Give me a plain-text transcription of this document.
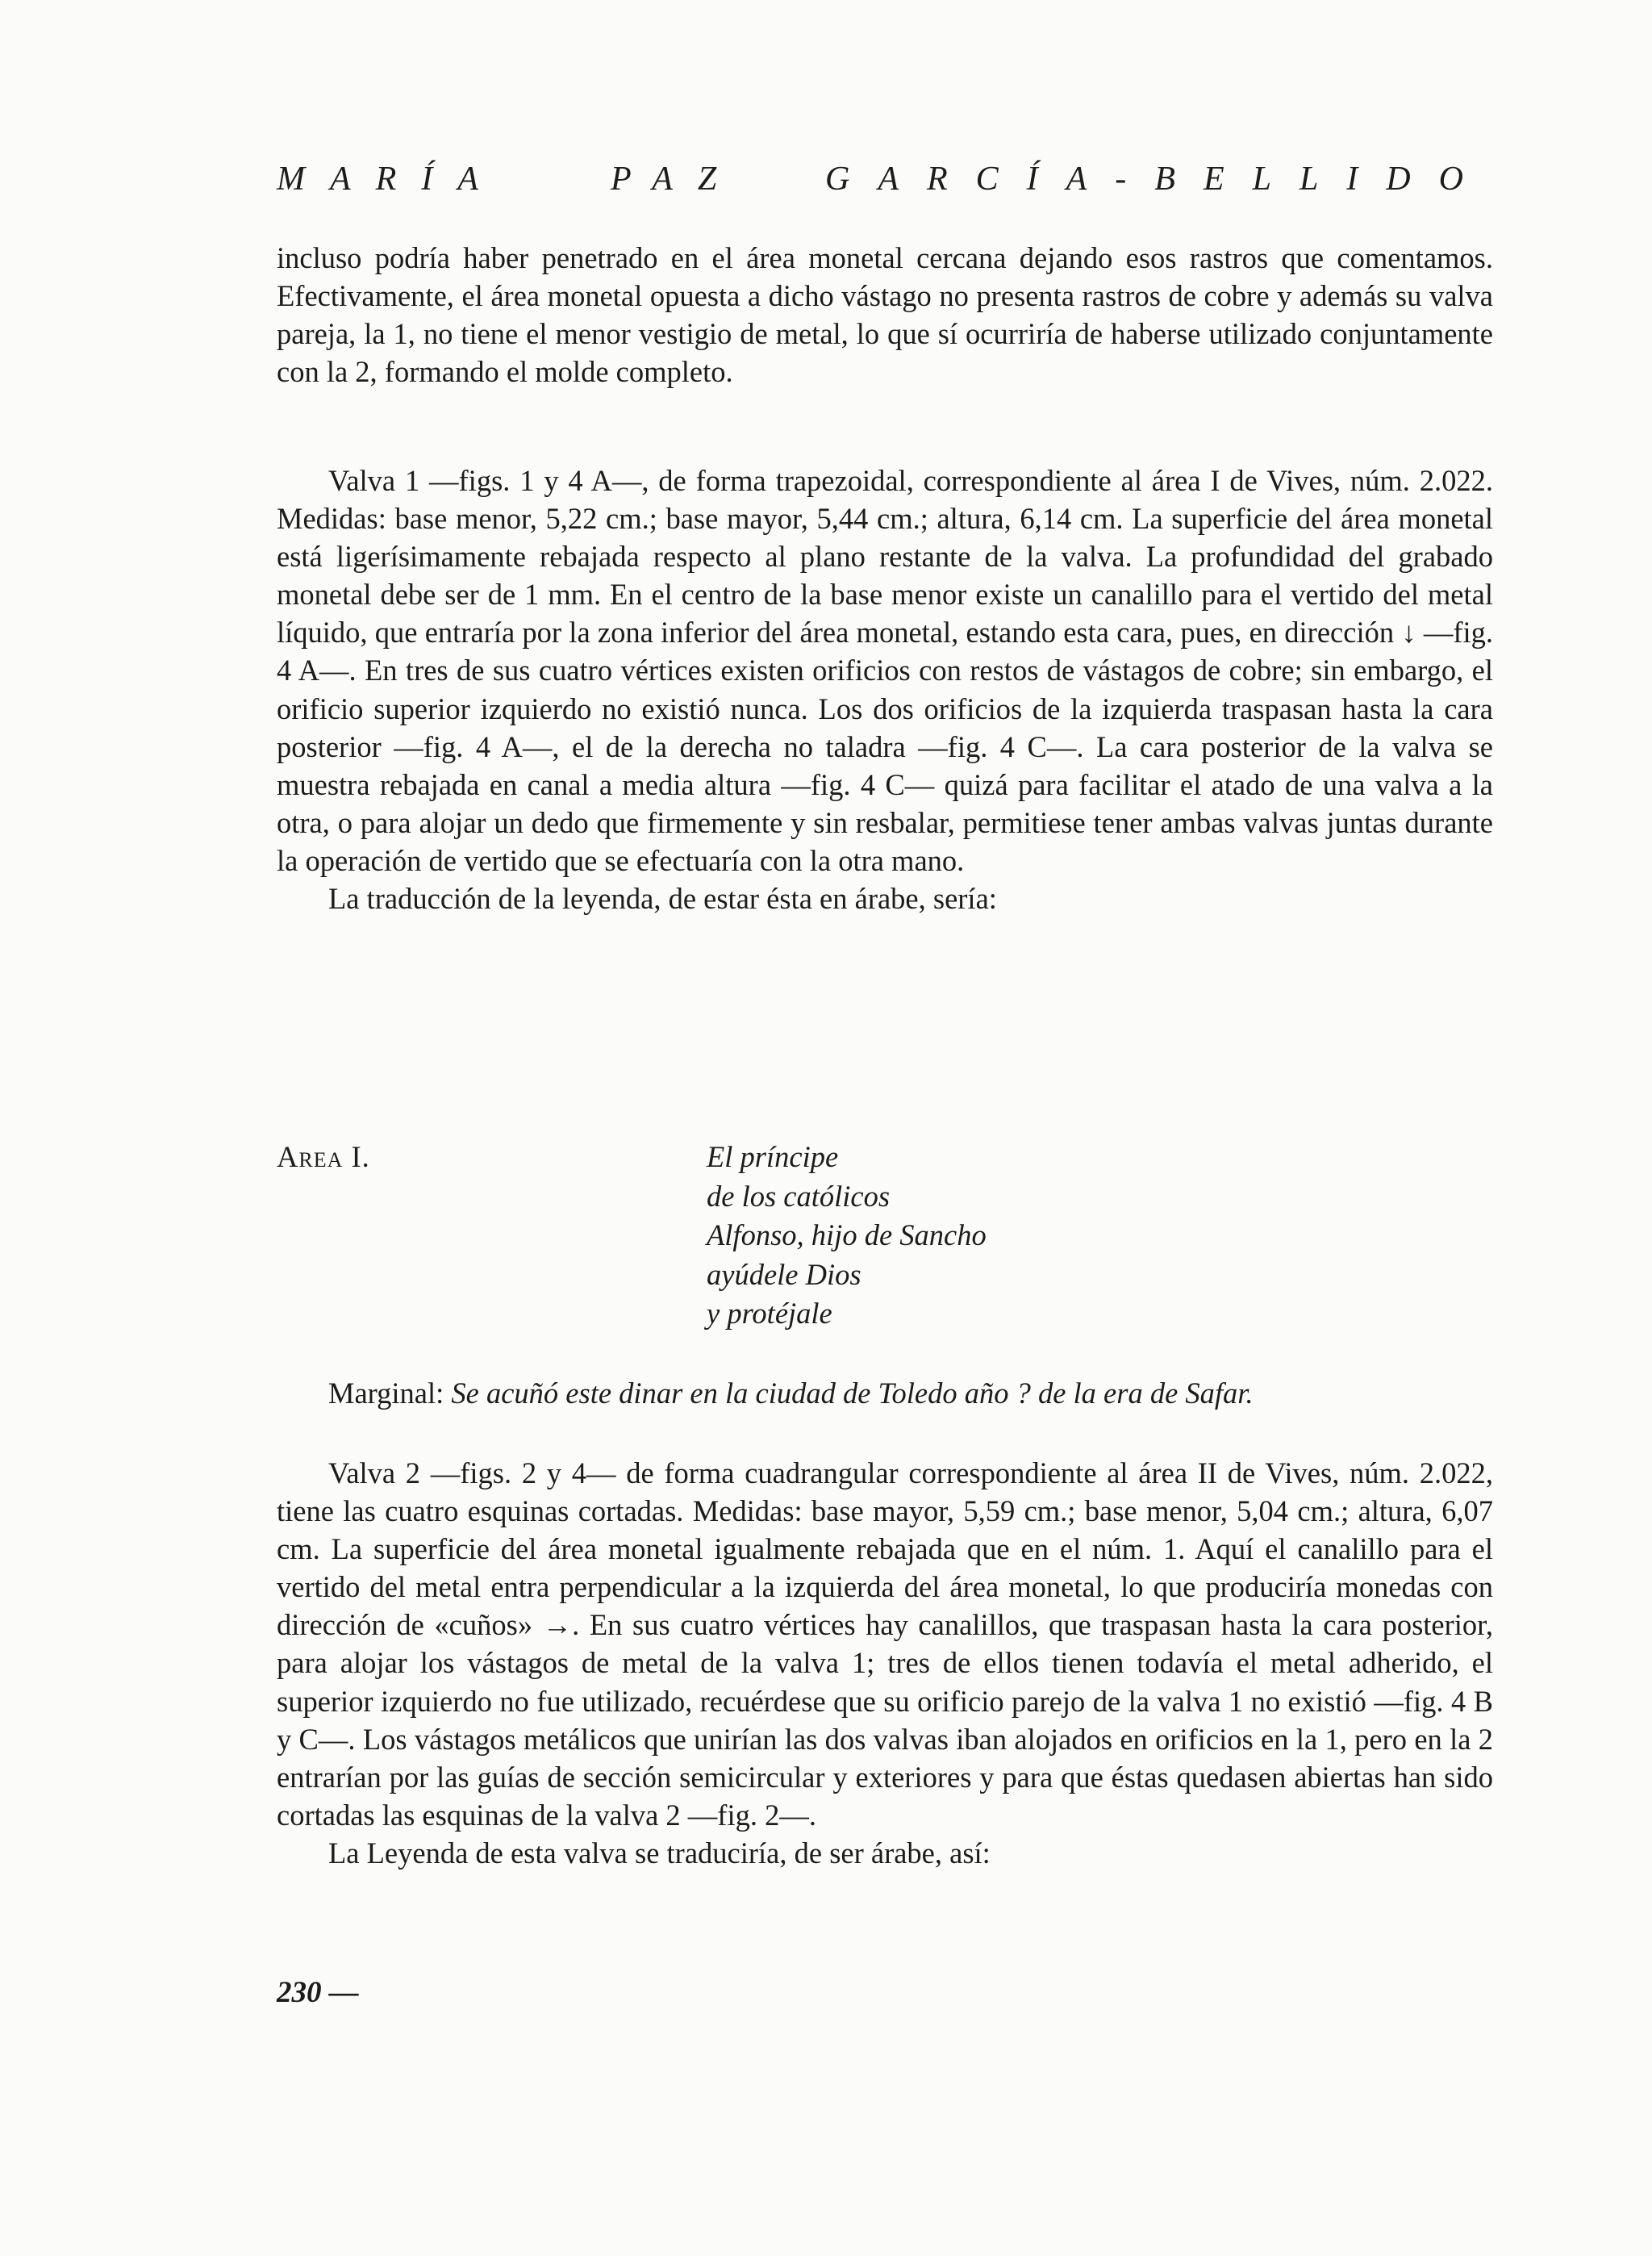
MARÍA	PAZ GARCÍA-BELLIDO

incluso podría haber penetrado en el área monetal cercana dejando esos rastros que comentamos. Efectivamente, el área monetal opuesta a dicho vástago no presenta rastros de cobre y además su valva pareja, la 1, no tiene el menor vestigio de metal, lo que sí ocurriría de haberse utilizado conjuntamente con la 2, formando el molde completo.

Valva 1 —figs. 1 y 4 A—, de forma trapezoidal, correspondiente al área I de Vives, núm. 2.022. Medidas: base menor, 5,22 cm.; base mayor, 5,44 cm.; altura, 6,14 cm. La superficie del área monetal está ligerísimamente rebajada respecto al plano restante de la valva. La profundidad del grabado monetal debe ser de 1 mm. En el centro de la base menor existe un canalillo para el vertido del metal líquido, que entraría por la zona inferior del área monetal, estando esta cara, pues, en dirección ↓ —fig. 4 A—. En tres de sus cuatro vértices existen orificios con restos de vástagos de cobre; sin embargo, el orificio superior izquierdo no existió nunca. Los dos orificios de la izquierda traspasan hasta la cara posterior —fig. 4 A—, el de la derecha no taladra —fig. 4 C—. La cara posterior de la valva se muestra rebajada en canal a media altura —fig. 4 C— quizá para facilitar el atado de una valva a la otra, o para alojar un dedo que firmemente y sin resbalar, permitiese tener ambas valvas juntas durante la operación de vertido que se efectuaría con la otra mano.

La traducción de la leyenda, de estar ésta en árabe, sería:

Area I.	El príncipe
de los católicos
Alfonso, hijo de Sancho
ayúdele Dios
y protéjale
Marginal: Se acuñó este dinar en la ciudad de Toledo año ? de la era de Safar.

Valva 2 —figs. 2 y 4— de forma cuadrangular correspondiente al área II de Vives, núm. 2.022, tiene las cuatro esquinas cortadas. Medidas: base mayor, 5,59 cm.; base menor, 5,04 cm.; altura, 6,07 cm. La superficie del área monetal igualmente rebajada que en el núm. 1. Aquí el canalillo para el vertido del metal entra perpendicular a la izquierda del área monetal, lo que produciría monedas con dirección de «cuños» →. En sus cuatro vértices hay canalillos, que traspasan hasta la cara posterior, para alojar los vástagos de metal de la valva 1; tres de ellos tienen todavía el metal adherido, el superior izquierdo no fue utilizado, recuérdese que su orificio parejo de la valva 1 no existió —fig. 4 B y C—. Los vástagos metálicos que unirían las dos valvas iban alojados en orificios en la 1, pero en la 2 entrarían por las guías de sección semicircular y exteriores y para que éstas quedasen abiertas han sido cortadas las esquinas de la valva 2 —fig. 2—.

La Leyenda de esta valva se traduciría, de ser árabe, así:

230 —
